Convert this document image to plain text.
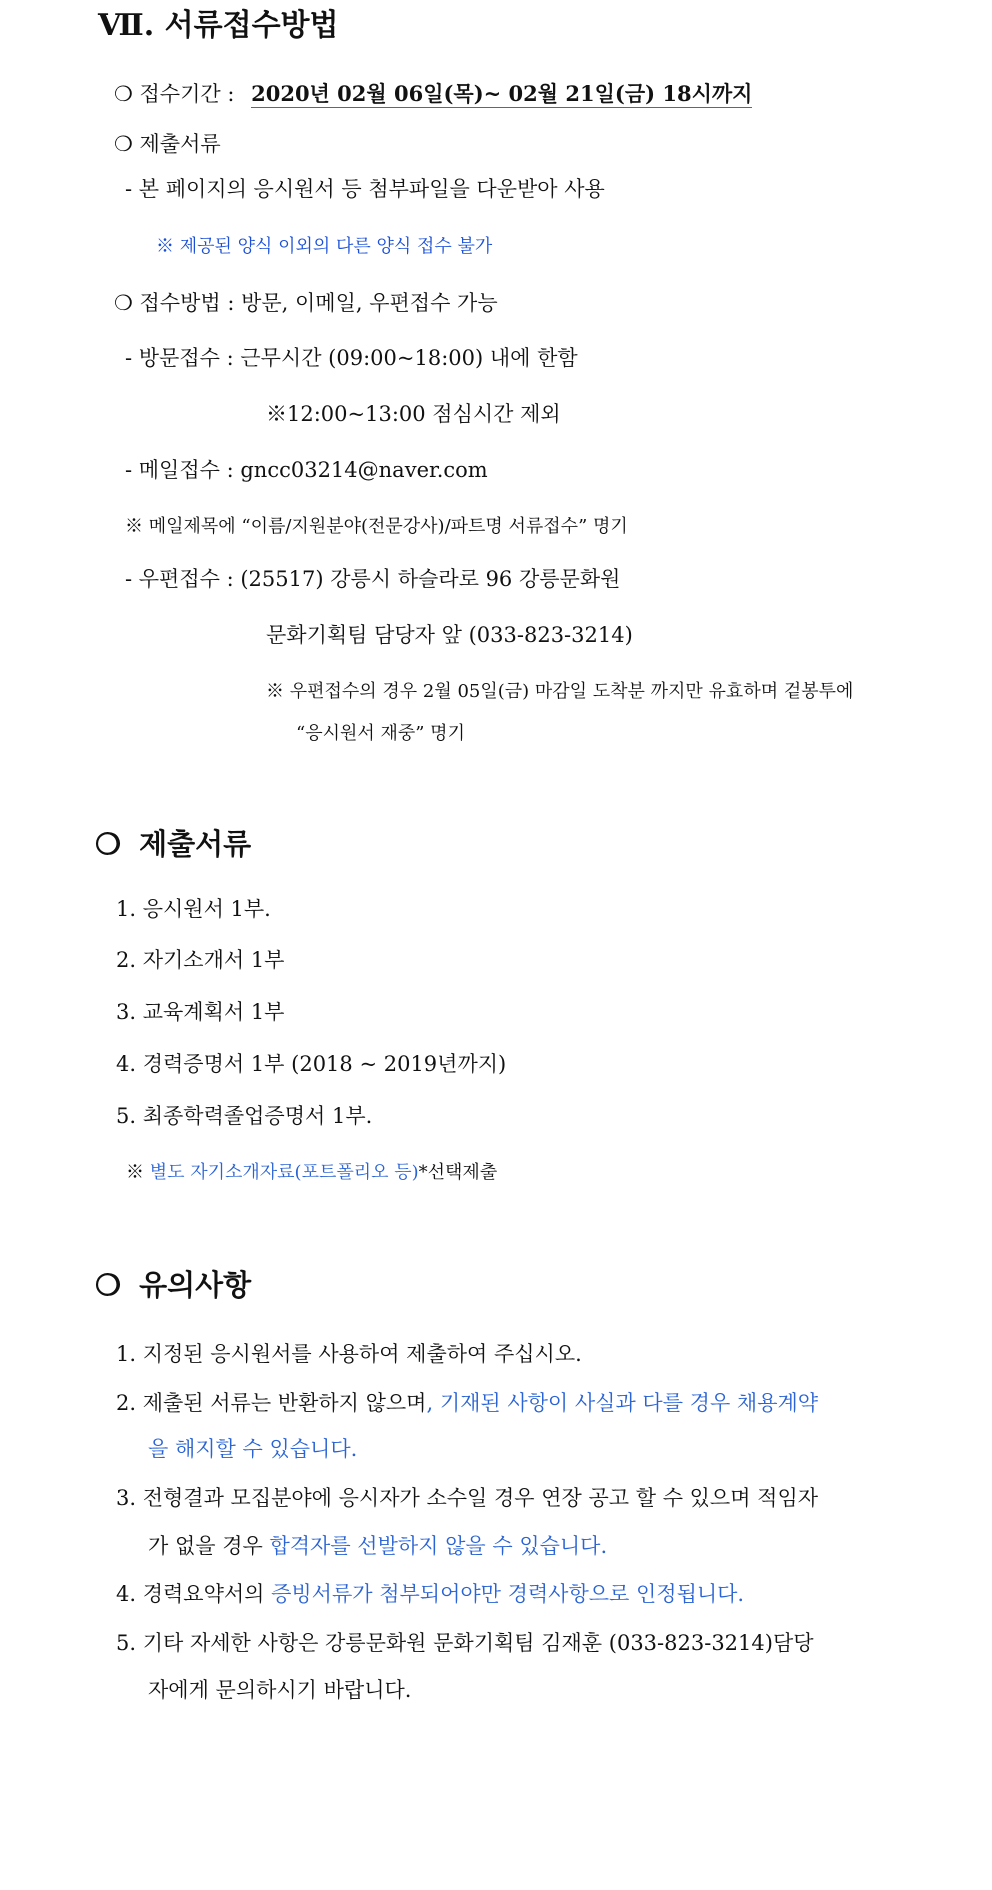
Ⅶ. 서류접수방법
❍ 접수기간 : 2020년 02월 06일(목)~ 02월 21일(금) 18시까지
❍ 제출서류
- 본 페이지의 응시원서 등 첨부파일을 다운받아 사용
※ 제공된 양식 이외의 다른 양식 접수 불가
❍ 접수방법 : 방문, 이메일, 우편접수 가능
- 방문접수 : 근무시간 (09:00~18:00) 내에 한함
※12:00~13:00 점심시간 제외
- 메일접수 : gncc03214@naver.com
※ 메일제목에 “이름/지원분야(전문강사)/파트명 서류접수” 명기
- 우편접수 : (25517) 강릉시 하슬라로 96 강릉문화원
문화기획팀 담당자 앞 (033-823-3214)
※ 우편접수의 경우 2월 05일(금) 마감일 도착분 까지만 유효하며 겉봉투에
“응시원서 재중” 명기
❍ 제출서류
1. 응시원서 1부.
2. 자기소개서 1부
3. 교육계획서 1부
4. 경력증명서 1부 (2018 ~ 2019년까지)
5. 최종학력졸업증명서 1부.
※ 별도 자기소개자료(포트폴리오 등)*선택제출
❍ 유의사항
1. 지정된 응시원서를 사용하여 제출하여 주십시오.
2. 제출된 서류는 반환하지 않으며, 기재된 사항이 사실과 다를 경우 채용계약
을 해지할 수 있습니다.
3. 전형결과 모집분야에 응시자가 소수일 경우 연장 공고 할 수 있으며 적임자
가 없을 경우 합격자를 선발하지 않을 수 있습니다.
4. 경력요약서의 증빙서류가 첨부되어야만 경력사항으로 인정됩니다.
5. 기타 자세한 사항은 강릉문화원 문화기획팀 김재훈 (033-823-3214)담당
자에게 문의하시기 바랍니다.
